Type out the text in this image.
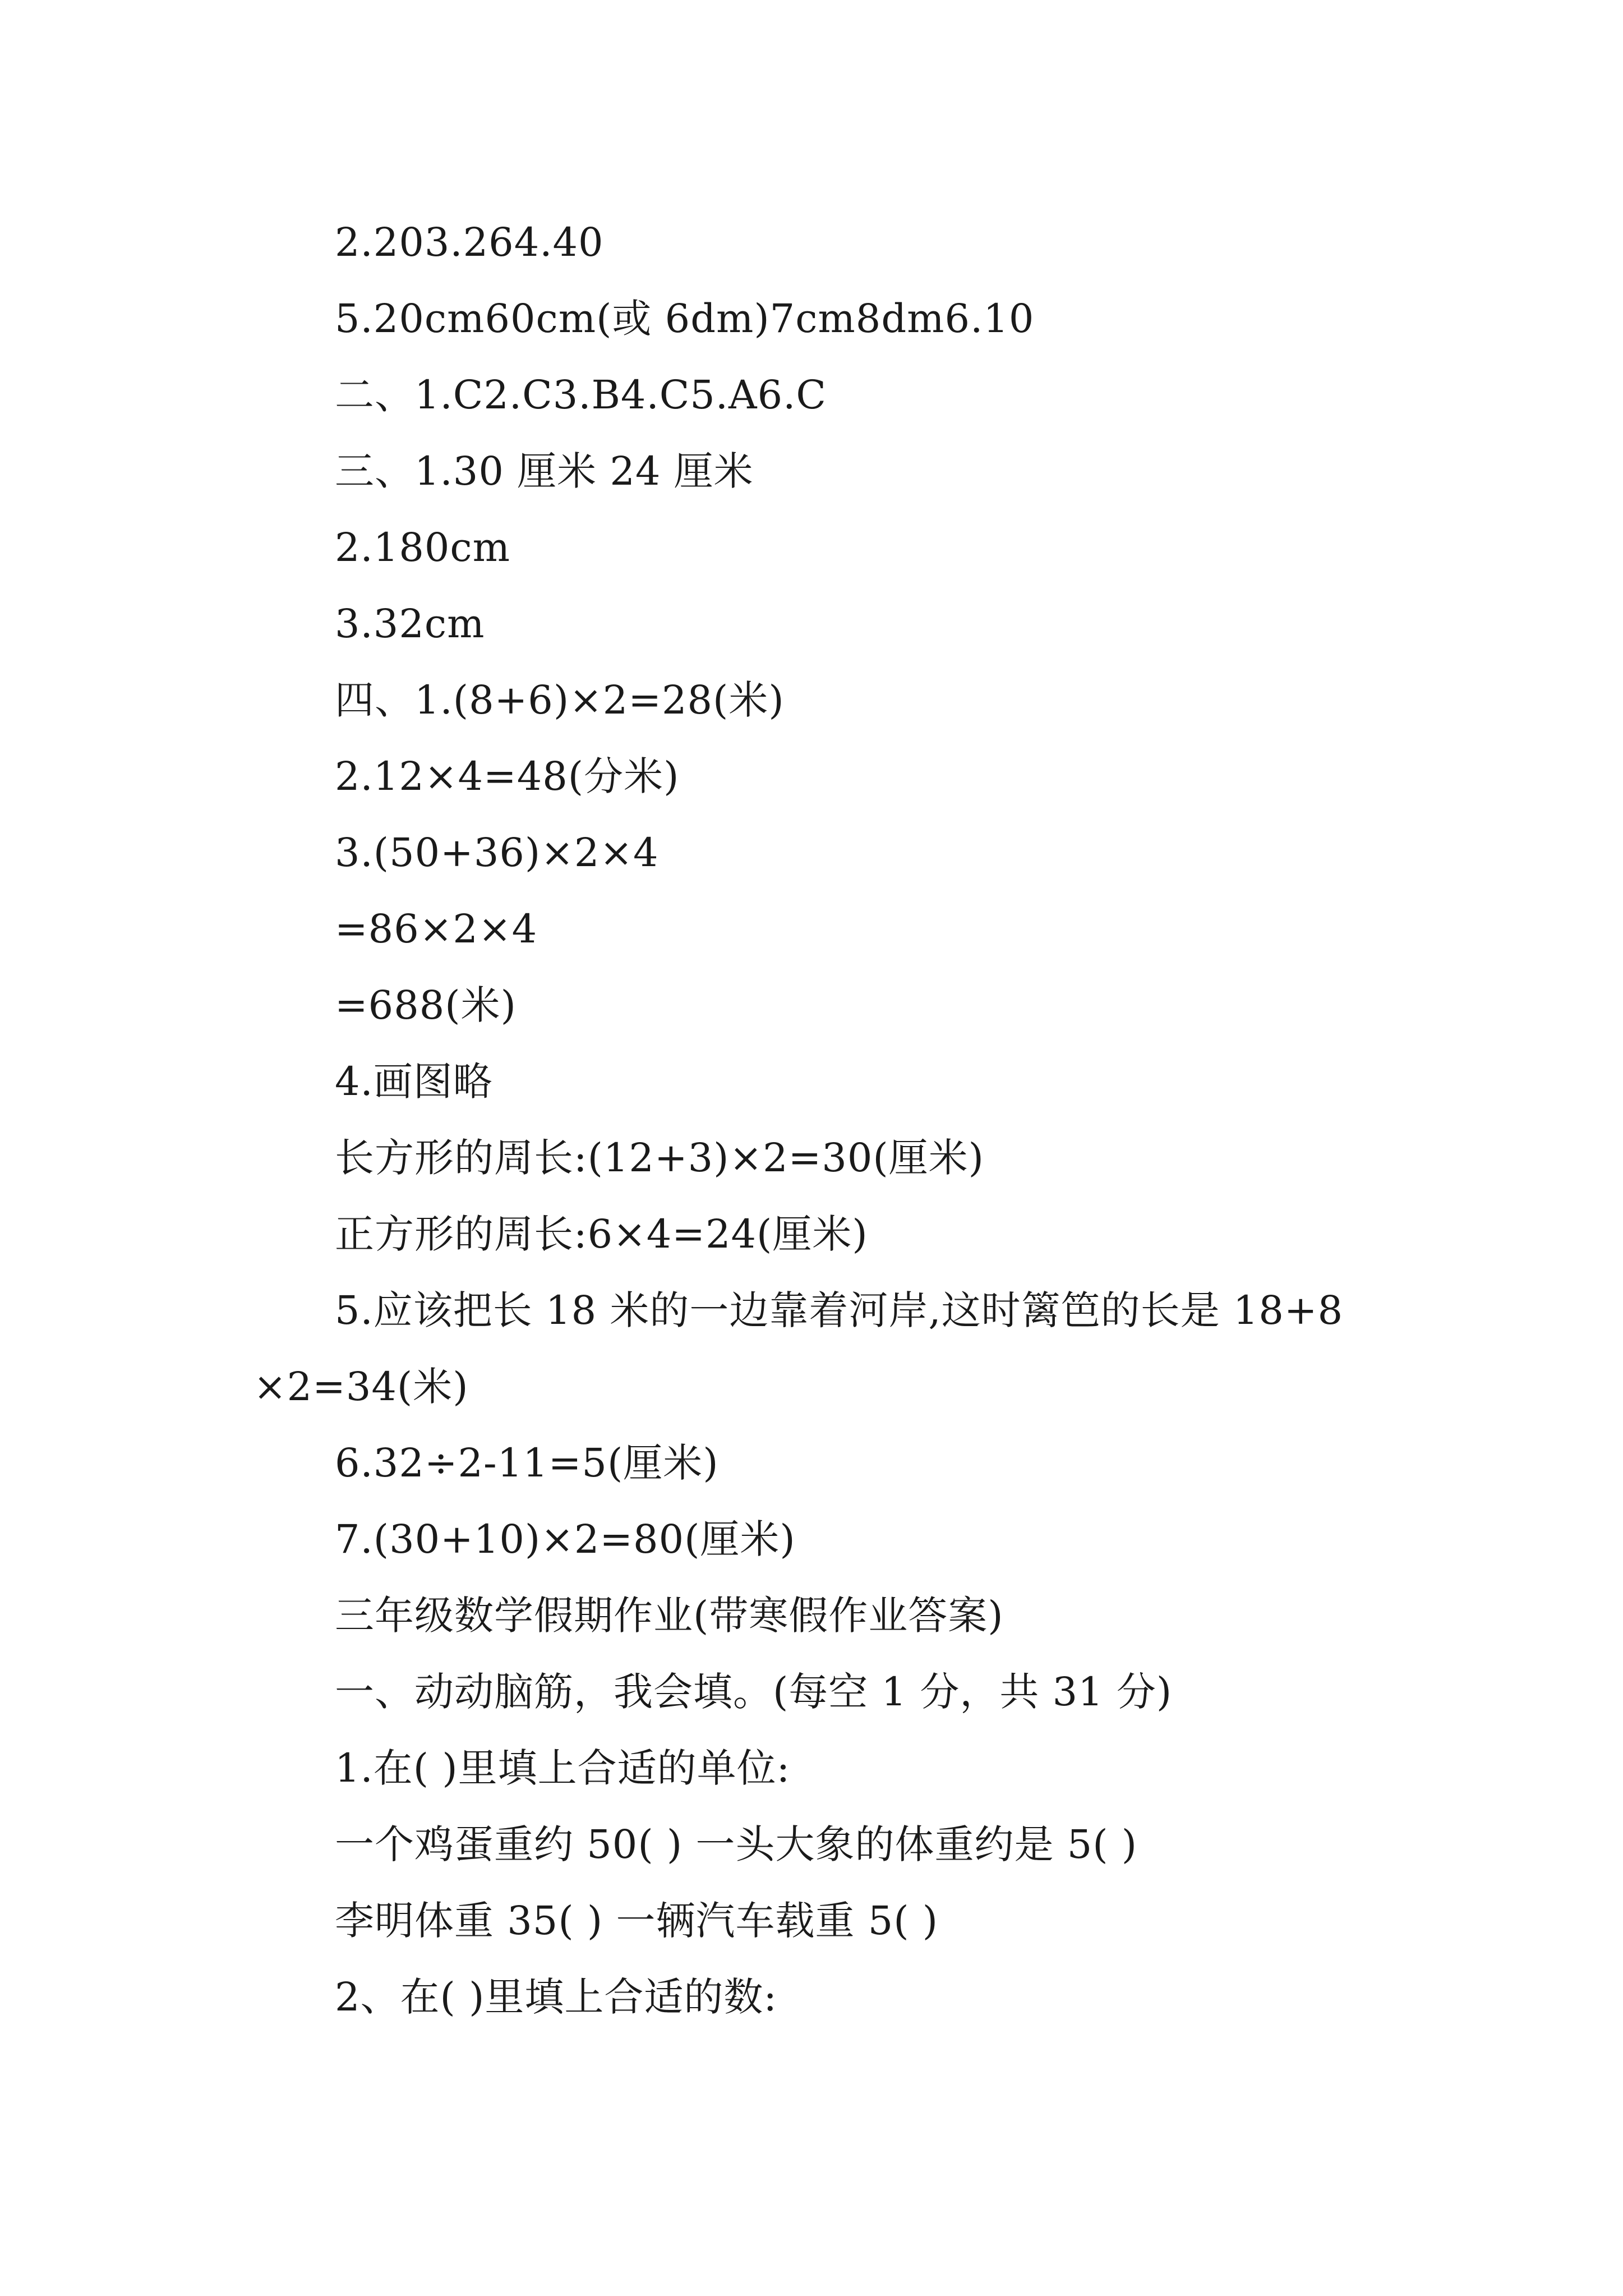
2.203.264.40
5.20cm60cm(或 6dm)7cm8dm6.10
二、1.C2.C3.B4.C5.A6.C
三、1.30 厘米 24 厘米
2.180cm
3.32cm
四、1.(8+6)×2=28(米)
2.12×4=48(分米)
3.(50+36)×2×4
=86×2×4
=688(米)
4.画图略
长方形的周长:(12+3)×2=30(厘米)
正方形的周长:6×4=24(厘米)
5.应该把长 18 米的一边靠着河岸,这时篱笆的长是 18+8
×2=34(米)
6.32÷2-11=5(厘米)
7.(30+10)×2=80(厘米)
三年级数学假期作业(带寒假作业答案)
一、动动脑筋，我会填。(每空 1 分，共 31 分)
1.在( )里填上合适的单位:
一个鸡蛋重约 50( ) 一头大象的体重约是 5( )
李明体重 35( ) 一辆汽车载重 5( )
2、在( )里填上合适的数:
